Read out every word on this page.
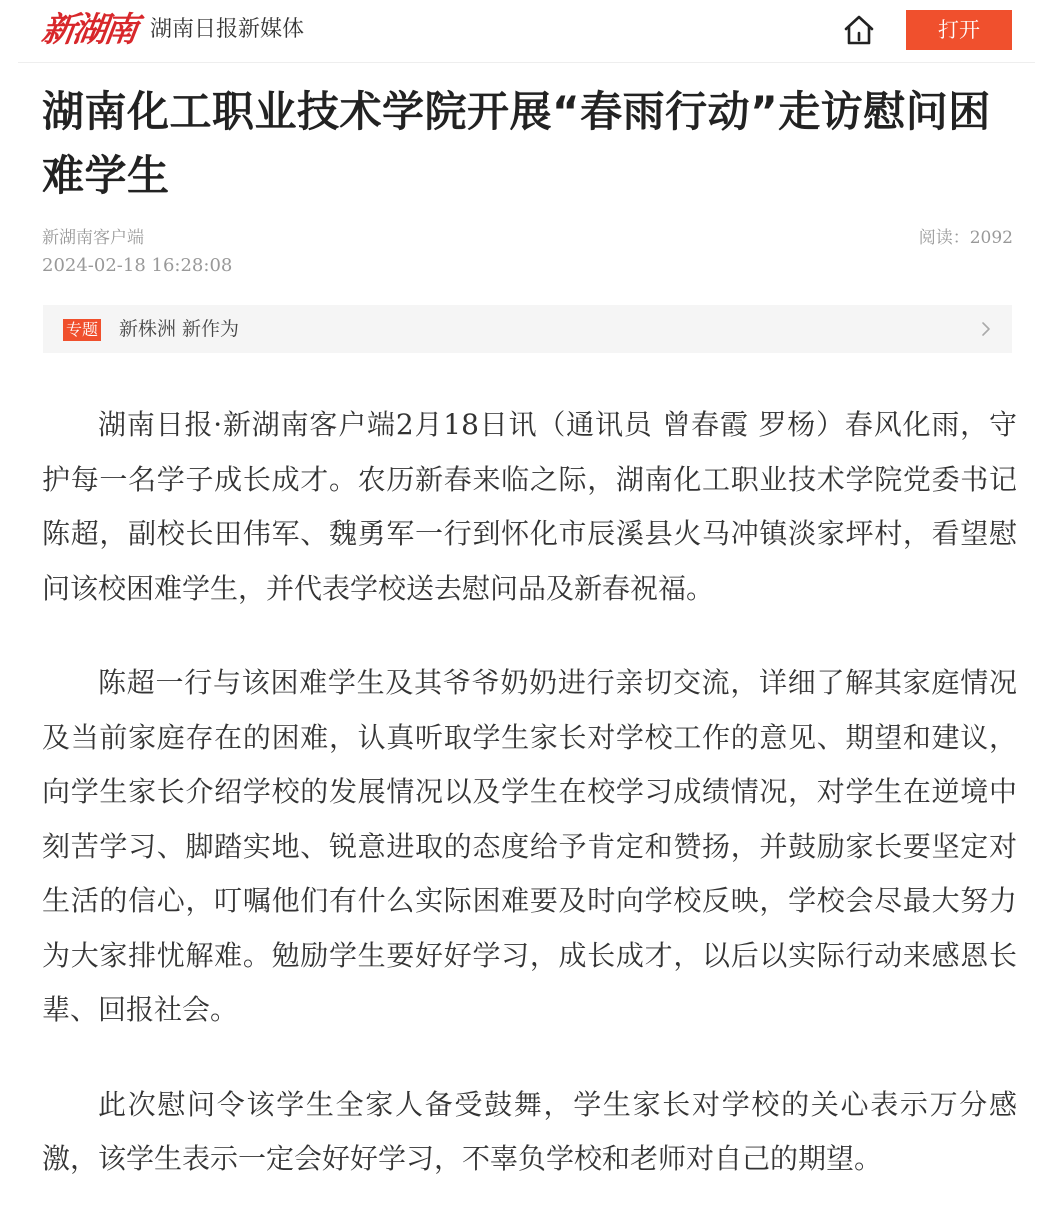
新湖南 湖南日报新媒体	打开
湖南化工职业技术学院开展“春雨行动”走访慰问困难学生
新湖南客户端
2024-02-18 16:28:08
阅读：2092
专题 新株洲 新作为

湖南日报·新湖南客户端2月18日讯（通讯员 曾春霞 罗杨）春风化雨，守护每一名学子成长成才。农历新春来临之际，湖南化工职业技术学院党委书记陈超，副校长田伟军、魏勇军一行到怀化市辰溪县火马冲镇淡家坪村，看望慰问该校困难学生，并代表学校送去慰问品及新春祝福。

陈超一行与该困难学生及其爷爷奶奶进行亲切交流，详细了解其家庭情况及当前家庭存在的困难，认真听取学生家长对学校工作的意见、期望和建议，向学生家长介绍学校的发展情况以及学生在校学习成绩情况，对学生在逆境中刻苦学习、脚踏实地、锐意进取的态度给予肯定和赞扬，并鼓励家长要坚定对生活的信心，叮嘱他们有什么实际困难要及时向学校反映，学校会尽最大努力为大家排忧解难。勉励学生要好好学习，成长成才，以后以实际行动来感恩长辈、回报社会。

此次慰问令该学生全家人备受鼓舞，学生家长对学校的关心表示万分感激，该学生表示一定会好好学习，不辜负学校和老师对自己的期望。
